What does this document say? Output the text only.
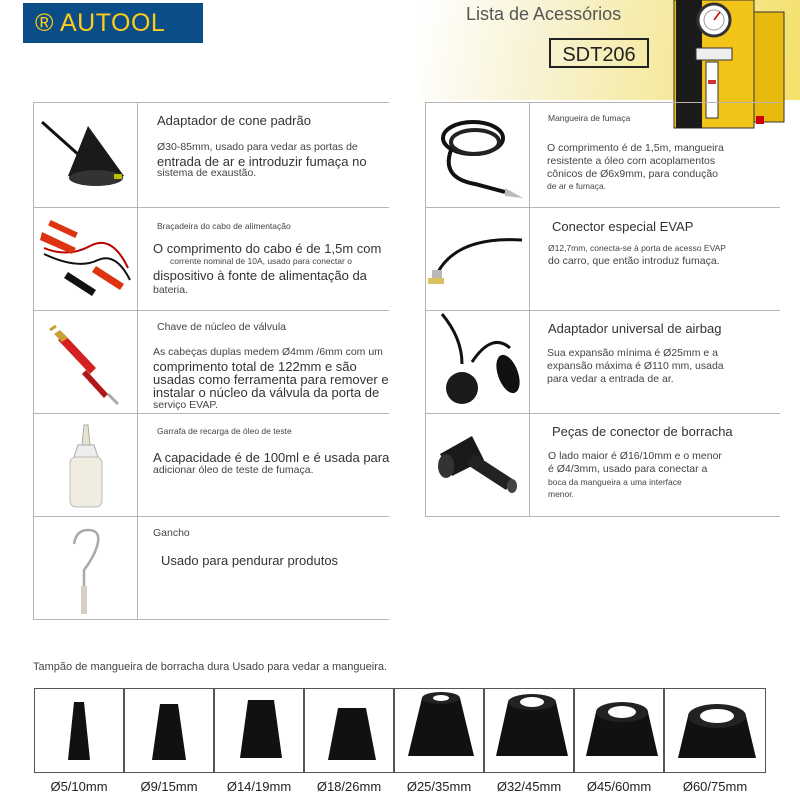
® AUTOOL	Lista de Acessórios
SDT206
Adaptador de cone padrão
Ø30-85mm, usado para vedar as portas de
entrada de ar e introduzir fumaça no
sistema de exaustão.
Braçadeira do cabo de alimentação
O comprimento do cabo é de 1,5m com
corrente nominal de 10A, usado para conectar o
dispositivo à fonte de alimentação da
bateria.
Chave de núcleo de válvula
As cabeças duplas medem Ø4mm /6mm com um
comprimento total de 122mm e são
usadas como ferramenta para remover e
instalar o núcleo da válvula da porta de
serviço EVAP.
Garrafa de recarga de óleo de teste
A capacidade é de 100ml e é usada para
adicionar óleo de teste de fumaça.
Gancho
Usado para pendurar produtos
Mangueira de fumaça
O comprimento é de 1,5m, mangueira
resistente a óleo com acoplamentos
cônicos de Ø6x9mm, para condução
de ar e fumaça.
Conector especial EVAP
Ø12,7mm, conecta-se à porta de acesso EVAP
do carro, que então introduz fumaça.
Adaptador universal de airbag
Sua expansão mínima é Ø25mm e a
expansão máxima é Ø110 mm, usada
para vedar a entrada de ar.
Peças de conector de borracha
O lado maior é Ø16/10mm e o menor
é Ø4/3mm, usado para conectar a
boca da mangueira a uma interface
menor.
Tampão de mangueira de borracha dura Usado para vedar a mangueira.
Ø5/10mm	Ø9/15mm	Ø14/19mm	Ø18/26mm	Ø25/35mm	Ø32/45mm	Ø45/60mm	Ø60/75mm
